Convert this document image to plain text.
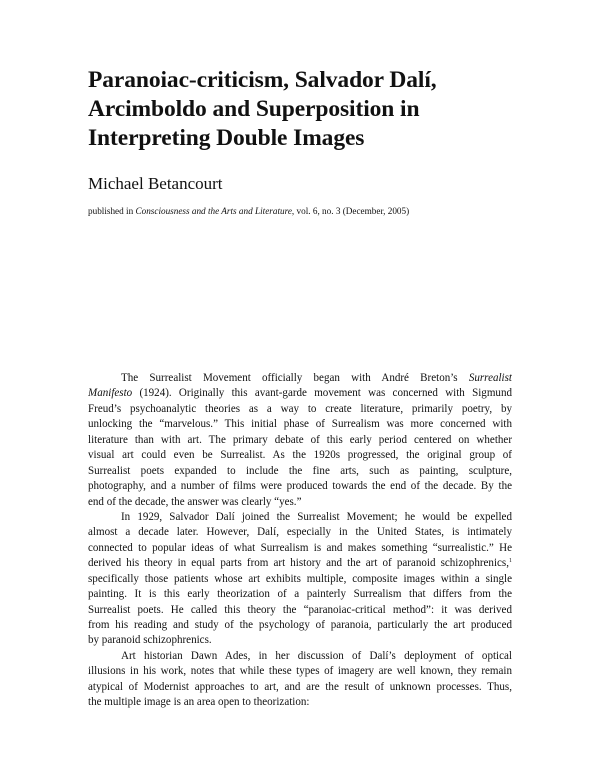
Paranoiac-criticism, Salvador Dalí,
Arcimboldo and Superposition in
Interpreting Double Images

Michael Betancourt

published in Consciousness and the Arts and Literature, vol. 6, no. 3 (December, 2005)

The Surrealist Movement officially began with André Breton’s Surrealist
Manifesto (1924). Originally this avant-garde movement was concerned with Sigmund
Freud’s psychoanalytic theories as a way to create literature, primarily poetry, by
unlocking the “marvelous.” This initial phase of Surrealism was more concerned with
literature than with art. The primary debate of this early period centered on whether
visual art could even be Surrealist. As the 1920s progressed, the original group of
Surrealist poets expanded to include the fine arts, such as painting, sculpture,
photography, and a number of films were produced towards the end of the decade. By the
end of the decade, the answer was clearly “yes.”
In 1929, Salvador Dalí joined the Surrealist Movement; he would be expelled
almost a decade later. However, Dalí, especially in the United States, is intimately
connected to popular ideas of what Surrealism is and makes something “surrealistic.” He
derived his theory in equal parts from art history and the art of paranoid schizophrenics,$^1$
specifically those patients whose art exhibits multiple, composite images within a single
painting. It is this early theorization of a painterly Surrealism that differs from the
Surrealist poets. He called this theory the “paranoiac-critical method”: it was derived
from his reading and study of the psychology of paranoia, particularly the art produced
by paranoid schizophrenics.
Art historian Dawn Ades, in her discussion of Dalí’s deployment of optical
illusions in his work, notes that while these types of imagery are well known, they remain
atypical of Modernist approaches to art, and are the result of unknown processes. Thus,
the multiple image is an area open to theorization:
